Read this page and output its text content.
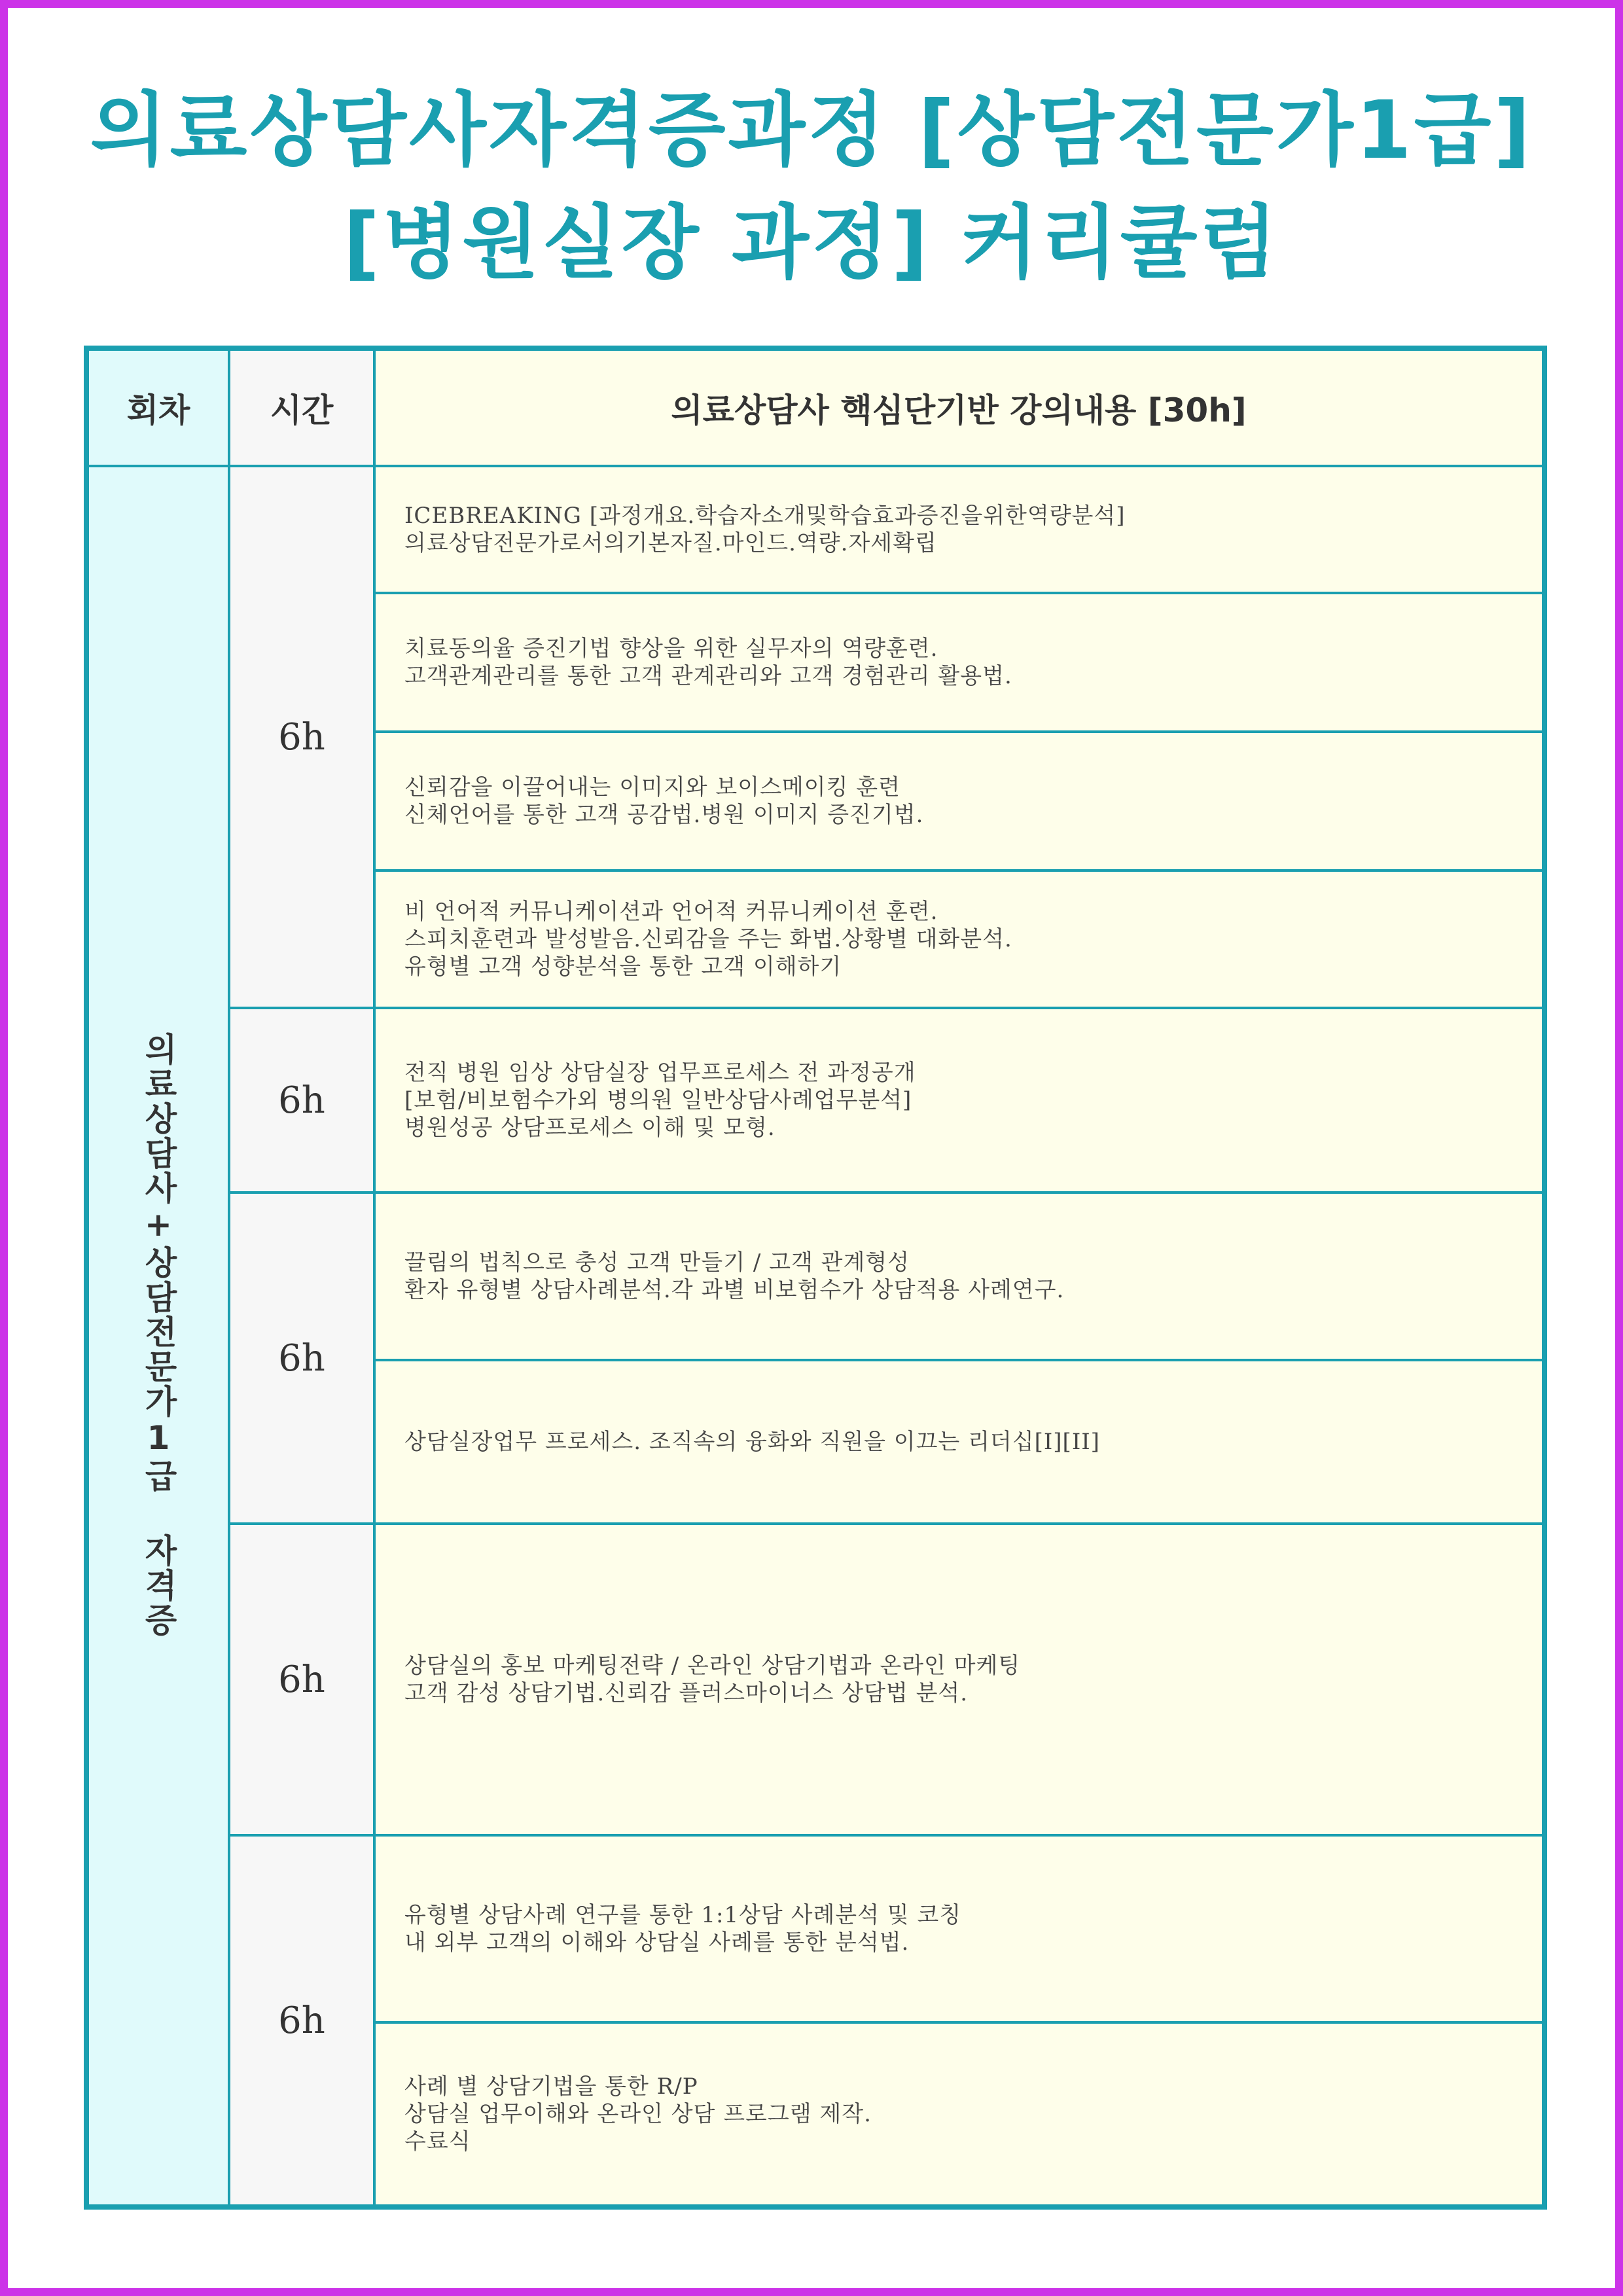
의료상담사자격증과정 [상담전문가1급]
[병원실장 과정] 커리큘럼
회차	시간	의료상담사 핵심단기반 강의내용 [30h]
의료상담사+상담전문가1급 자격증	6h	ICEBREAKING [과정개요.학습자소개및학습효과증진을위한역량분석]
의료상담전문가로서의기본자질.마인드.역량.자세확립

		치료동의율 증진기법 향상을 위한 실무자의 역량훈련.
고객관계관리를 통한 고객 관계관리와 고객 경험관리 활용법.

		신뢰감을 이끌어내는 이미지와 보이스메이킹 훈련
신체언어를 통한 고객 공감법.병원 이미지 증진기법.

		비 언어적 커뮤니케이션과 언어적 커뮤니케이션 훈련.
스피치훈련과 발성발음.신뢰감을 주는 화법.상황별 대화분석.
유형별 고객 성향분석을 통한 고객 이해하기

	6h	전직 병원 임상 상담실장 업무프로세스 전 과정공개
[보험/비보험수가외 병의원 일반상담사례업무분석]
병원성공 상담프로세스 이해 및 모형.

	6h	끌림의 법칙으로 충성 고객 만들기 / 고객 관계형성
환자 유형별 상담사례분석.각 과별 비보험수가 상담적용 사례연구.

		상담실장업무 프로세스. 조직속의 융화와 직원을 이끄는 리더십[I][II]

	6h	상담실의 홍보 마케팅전략 / 온라인 상담기법과 온라인 마케팅
고객 감성 상담기법.신뢰감 플러스마이너스 상담법 분석.

	6h	유형별 상담사례 연구를 통한 1:1상담 사례분석 및 코칭
내 외부 고객의 이해와 상담실 사례를 통한 분석법.

		사례 별 상담기법을 통한 R/P
상담실 업무이해와 온라인 상담 프로그램 제작.
수료식
